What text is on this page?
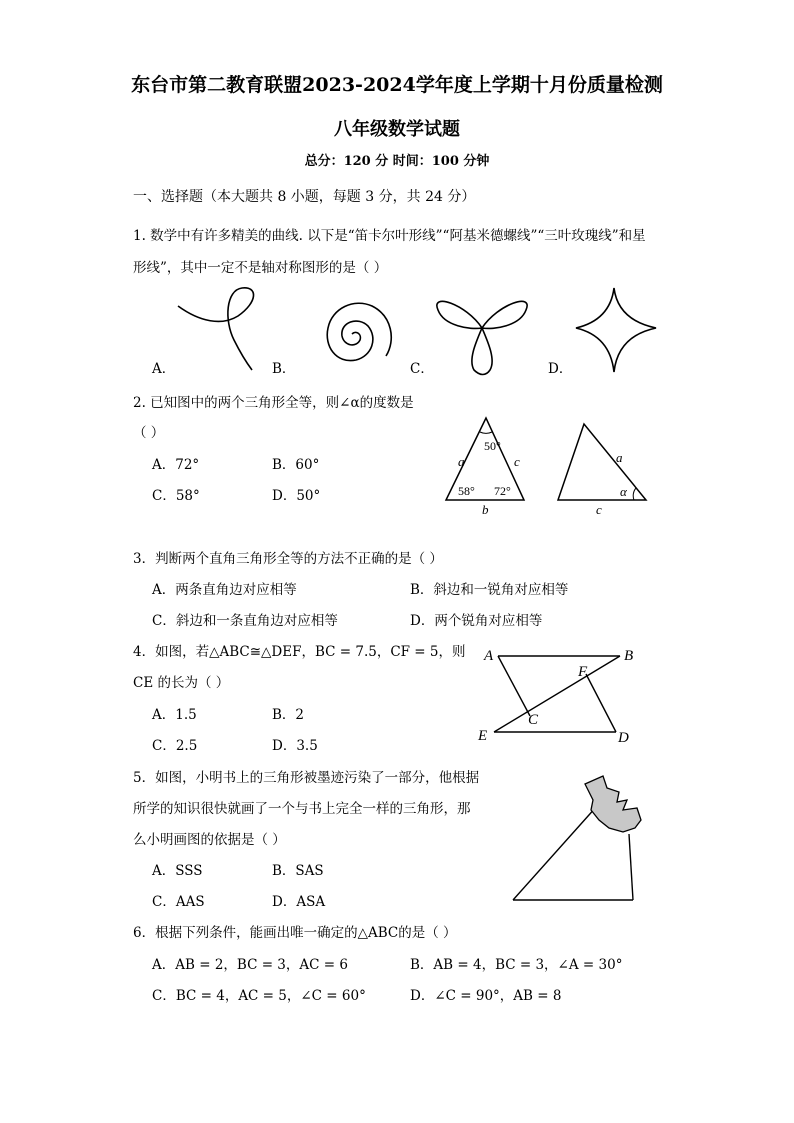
东台市第二教育联盟2023-2024学年度上学期十月份质量检测
八年级数学试题
总分：120 分 时间：100 分钟
一、选择题（本大题共 8 小题，每题 3 分，共 24 分）
1. 数学中有许多精美的曲线. 以下是“笛卡尔叶形线”“阿基米德螺线”“三叶玫瑰线”和星
形线”，其中一定不是轴对称图形的是（ ）
A．	B．	C．	D．
2. 已知图中的两个三角形全等，则∠α的度数是
（ ）
A．72°	B．60°
C．58°	D．50°
50°
a	c
58° 72°
b
a
α
c
3．判断两个直角三角形全等的方法不正确的是（ ）
A．两条直角边对应相等	B．斜边和一锐角对应相等
C．斜边和一条直角边对应相等	D．两个锐角对应相等
4．如图，若△ABC≅△DEF，BC = 7.5，CF = 5，则
CE 的长为（ ）
A．1.5	B．2
C．2.5	D．3.5
A	B
F
C
E	D
5．如图，小明书上的三角形被墨迹污染了一部分，他根据
所学的知识很快就画了一个与书上完全一样的三角形，那
么小明画图的依据是（ ）
A．SSS	B．SAS
C．AAS	D．ASA
6．根据下列条件，能画出唯一确定的△ABC的是（ ）
A．AB = 2，BC = 3，AC = 6	B．AB = 4，BC = 3，∠A = 30°
C．BC = 4，AC = 5，∠C = 60°	D．∠C = 90°，AB = 8
